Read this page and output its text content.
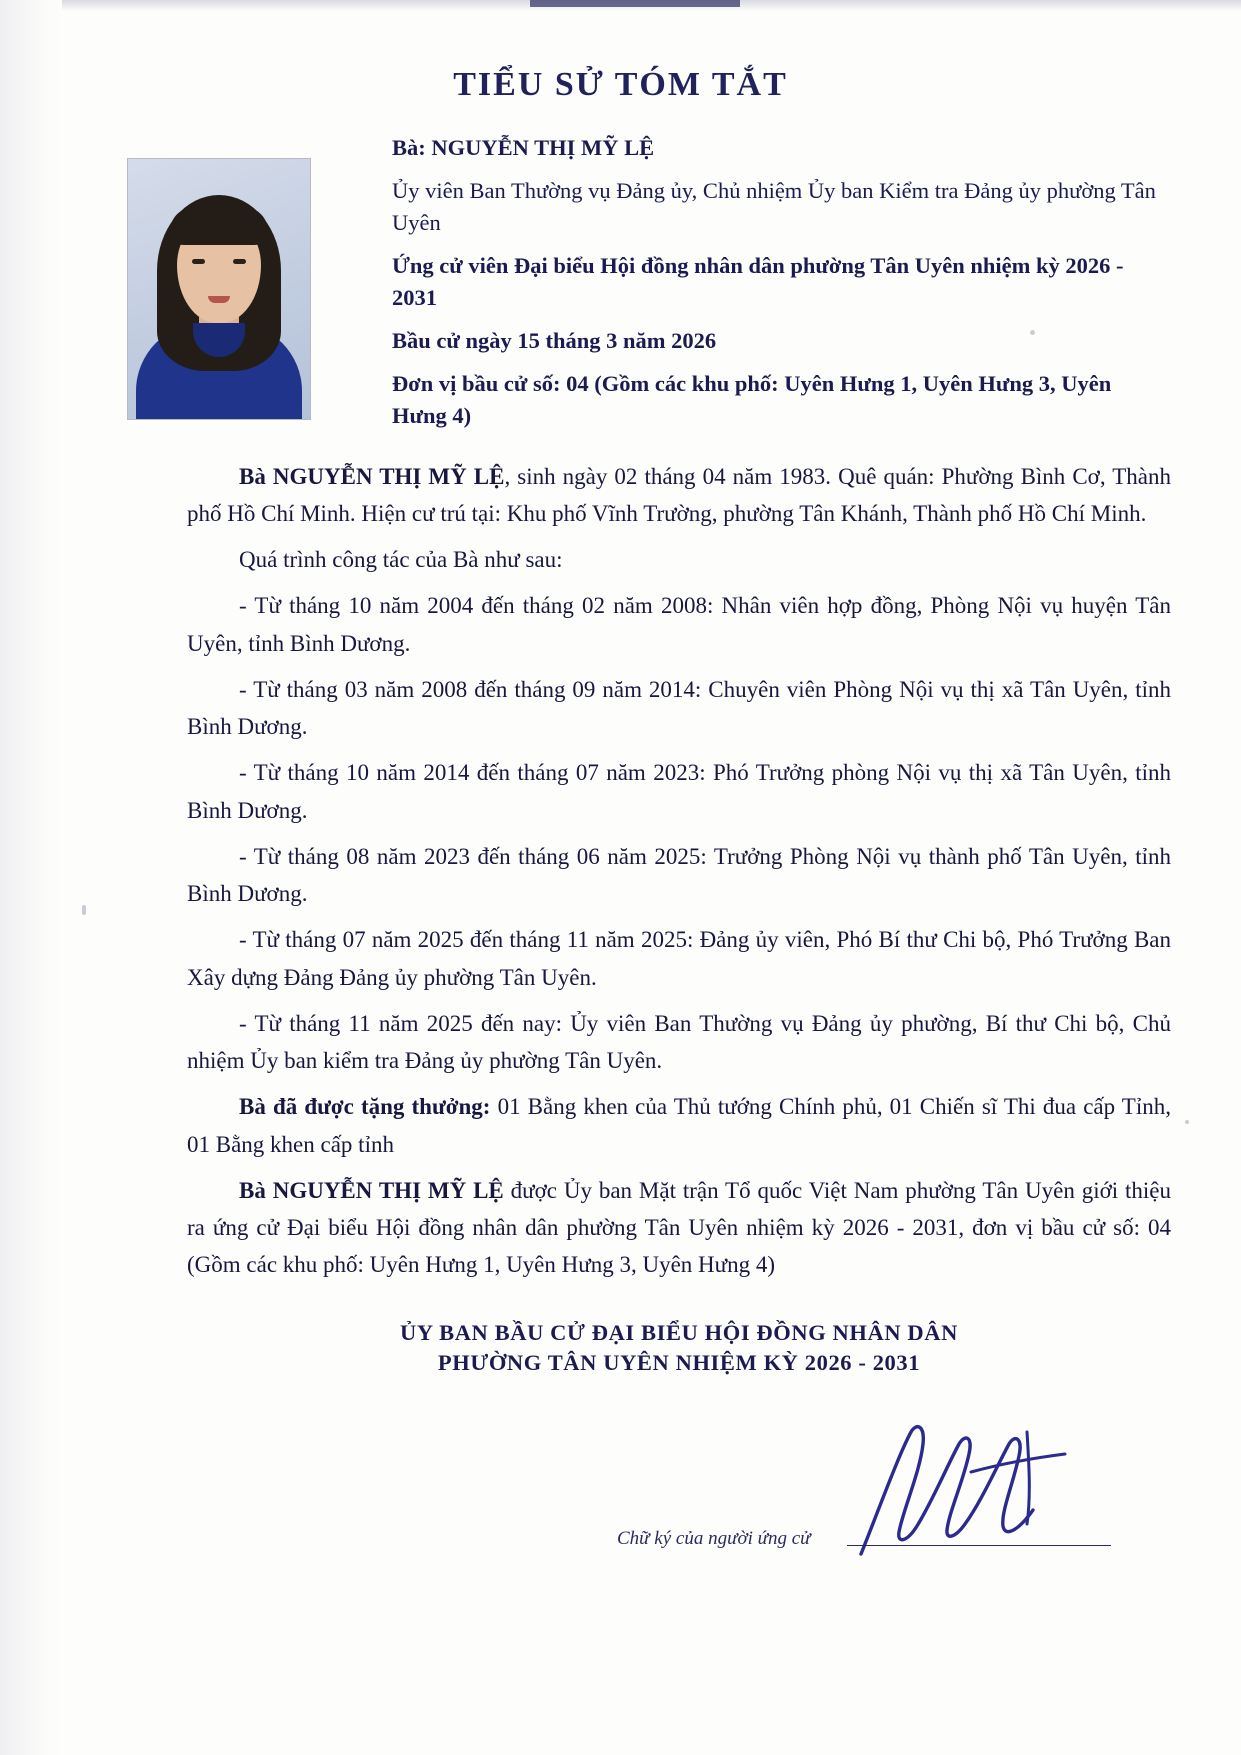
TIỂU SỬ TÓM TẮT
Bà: NGUYỄN THỊ MỸ LỆ
Ủy viên Ban Thường vụ Đảng ủy, Chủ nhiệm Ủy ban Kiểm tra Đảng ủy phường Tân Uyên
Ứng cử viên Đại biểu Hội đồng nhân dân phường Tân Uyên nhiệm kỳ 2026 - 2031
Bầu cử ngày 15 tháng 3 năm 2026
Đơn vị bầu cử số: 04 (Gồm các khu phố: Uyên Hưng 1, Uyên Hưng 3, Uyên Hưng 4)

Bà NGUYỄN THỊ MỸ LỆ, sinh ngày 02 tháng 04 năm 1983. Quê quán: Phường Bình Cơ, Thành phố Hồ Chí Minh. Hiện cư trú tại: Khu phố Vĩnh Trường, phường Tân Khánh, Thành phố Hồ Chí Minh.

Quá trình công tác của Bà như sau:

- Từ tháng 10 năm 2004 đến tháng 02 năm 2008: Nhân viên hợp đồng, Phòng Nội vụ huyện Tân Uyên, tỉnh Bình Dương.

- Từ tháng 03 năm 2008 đến tháng 09 năm 2014: Chuyên viên Phòng Nội vụ thị xã Tân Uyên, tỉnh Bình Dương.

- Từ tháng 10 năm 2014 đến tháng 07 năm 2023: Phó Trưởng phòng Nội vụ thị xã Tân Uyên, tỉnh Bình Dương.

- Từ tháng 08 năm 2023 đến tháng 06 năm 2025: Trưởng Phòng Nội vụ thành phố Tân Uyên, tỉnh Bình Dương.

- Từ tháng 07 năm 2025 đến tháng 11 năm 2025: Đảng ủy viên, Phó Bí thư Chi bộ, Phó Trưởng Ban Xây dựng Đảng Đảng ủy phường Tân Uyên.

- Từ tháng 11 năm 2025 đến nay: Ủy viên Ban Thường vụ Đảng ủy phường, Bí thư Chi bộ, Chủ nhiệm Ủy ban kiểm tra Đảng ủy phường Tân Uyên.

Bà đã được tặng thưởng: 01 Bằng khen của Thủ tướng Chính phủ, 01 Chiến sĩ Thi đua cấp Tỉnh, 01 Bằng khen cấp tỉnh

Bà NGUYỄN THỊ MỸ LỆ được Ủy ban Mặt trận Tổ quốc Việt Nam phường Tân Uyên giới thiệu ra ứng cử Đại biểu Hội đồng nhân dân phường Tân Uyên nhiệm kỳ 2026 - 2031, đơn vị bầu cử số: 04 (Gồm các khu phố: Uyên Hưng 1, Uyên Hưng 3, Uyên Hưng 4)

ỦY BAN BẦU CỬ ĐẠI BIỂU HỘI ĐỒNG NHÂN DÂN
PHƯỜNG TÂN UYÊN NHIỆM KỲ 2026 - 2031
Chữ ký của người ứng cử
